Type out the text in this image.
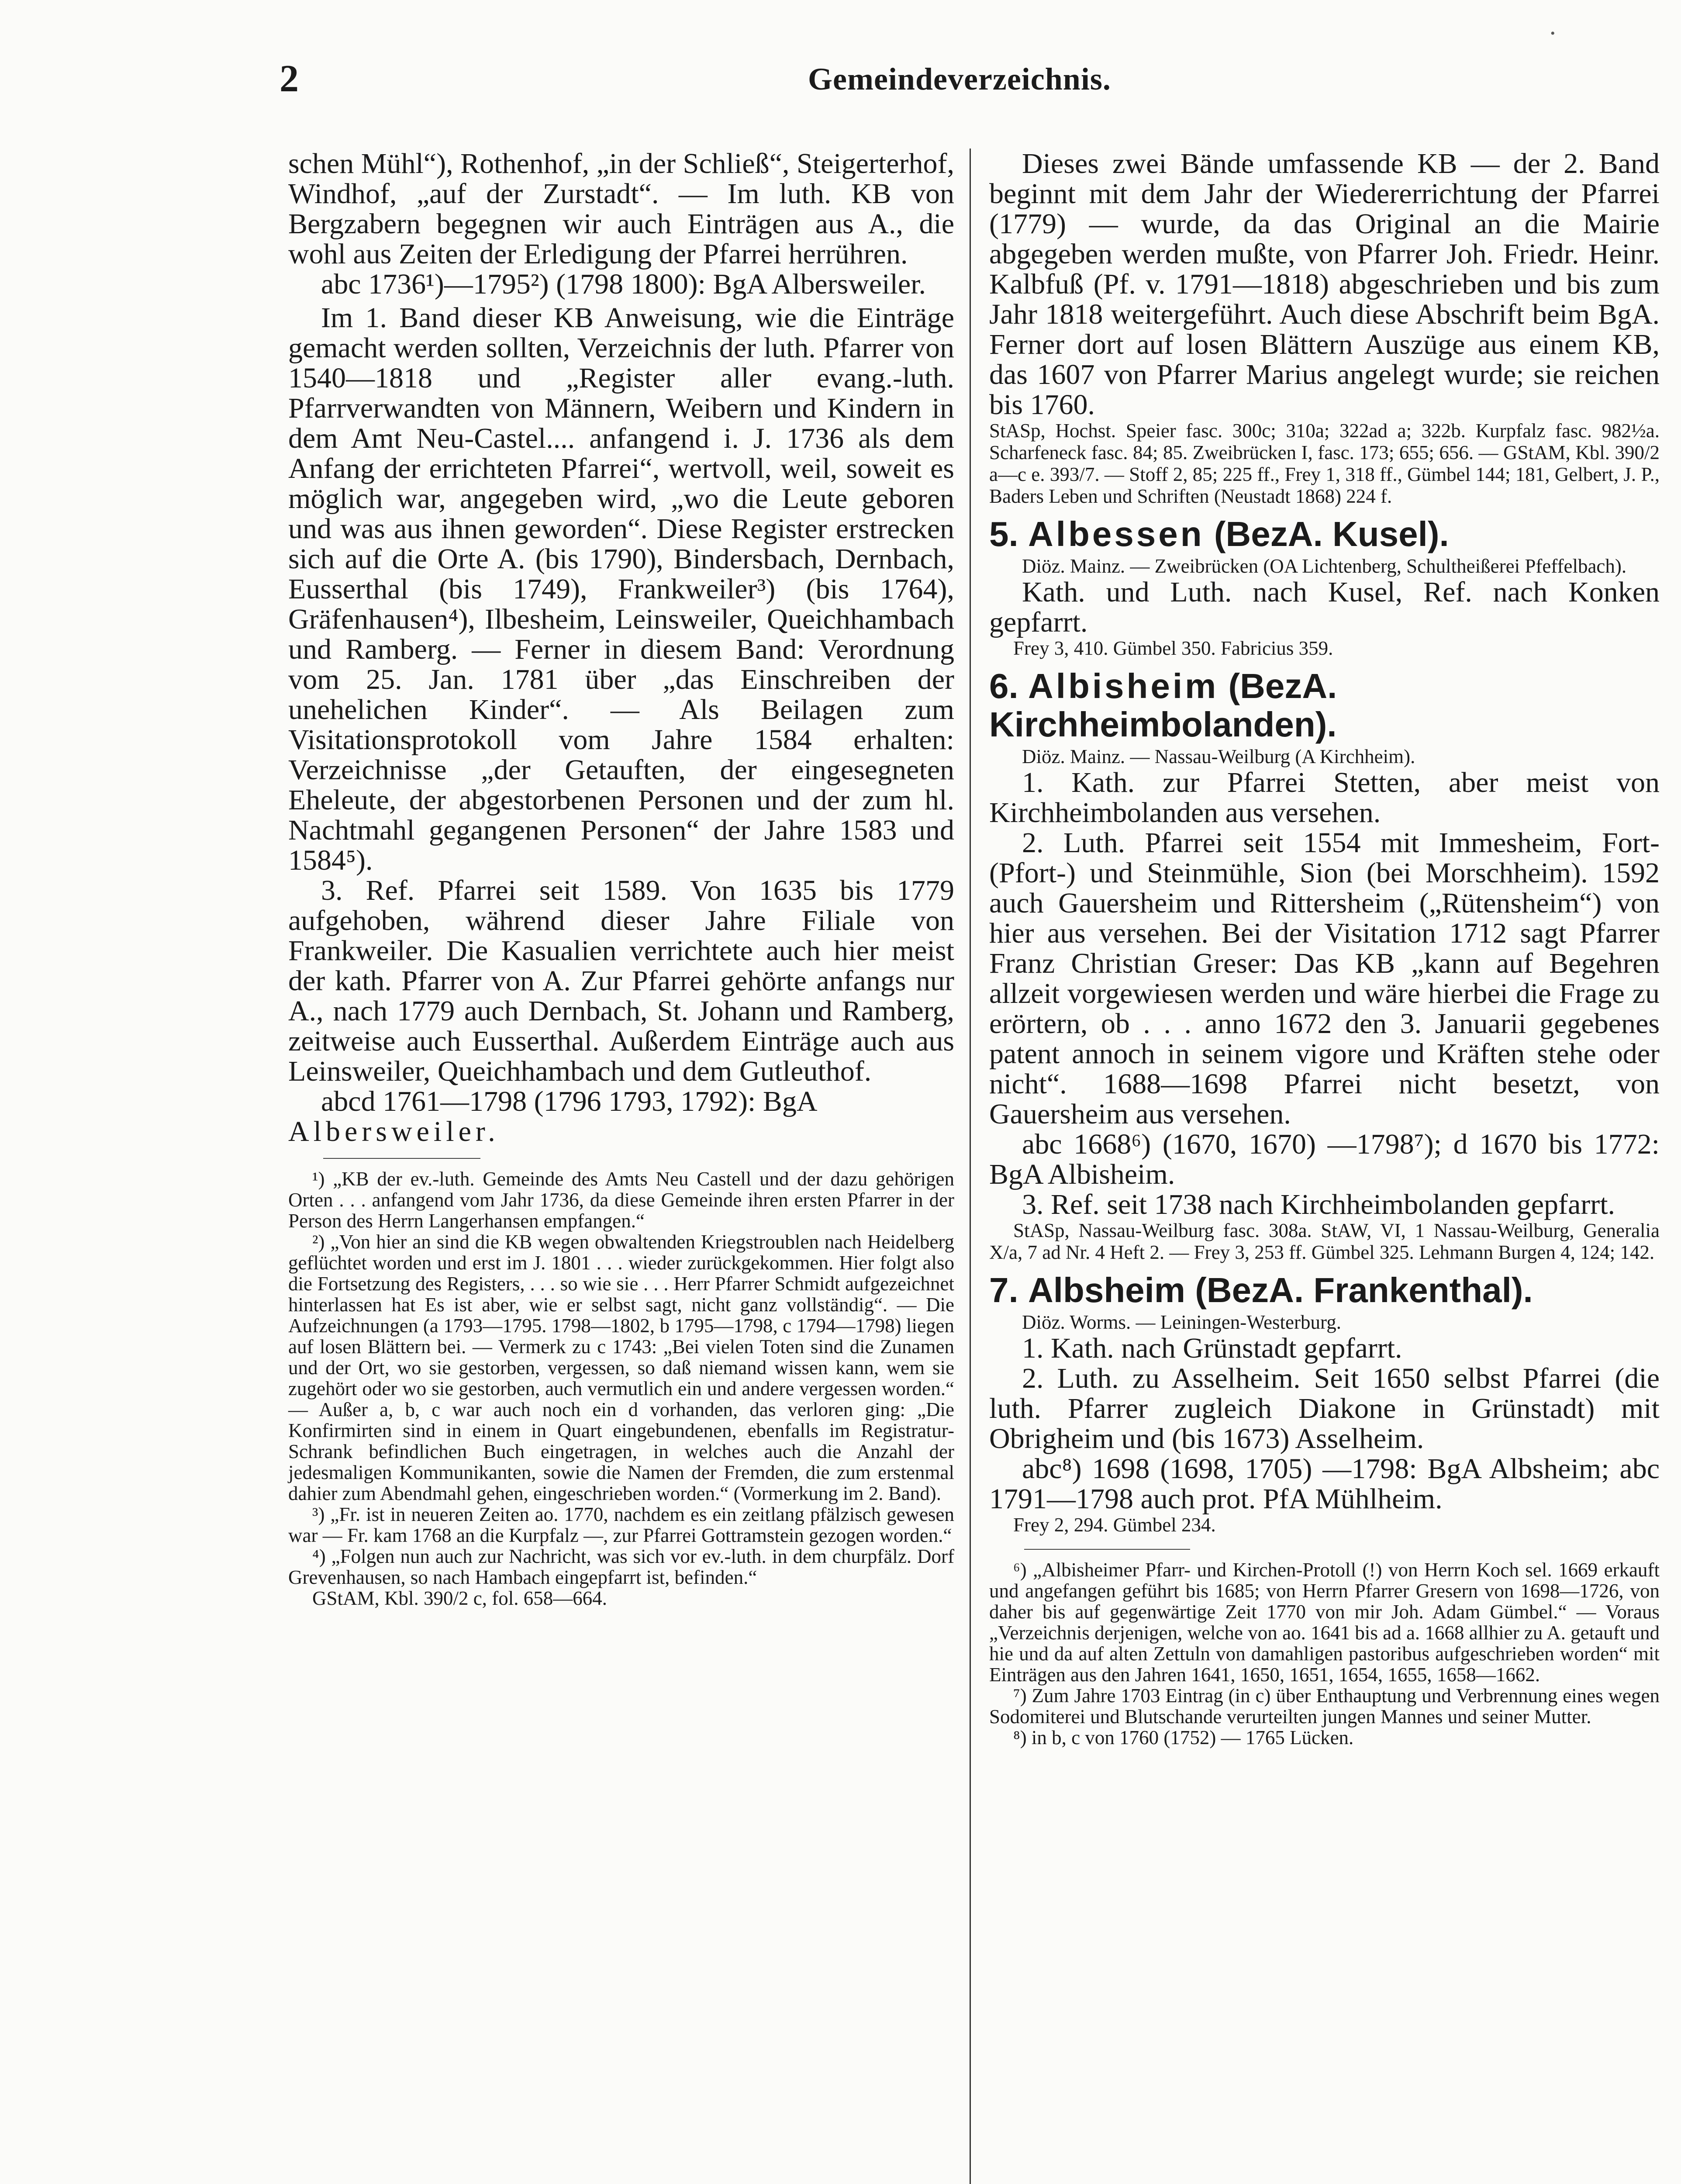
2	Gemeindeverzeichnis.
•

schen Mühl“), Rothenhof, „in der Schließ“, Steigerterhof, Windhof, „auf der Zurstadt“. — Im luth. KB von Bergzabern begegnen wir auch Einträgen aus A., die wohl aus Zeiten der Erledigung der Pfarrei herrühren.

abc 1736¹)—1795²) (1798 1800): BgA Albersweiler.

Im 1. Band dieser KB Anweisung, wie die Einträge gemacht werden sollten, Verzeichnis der luth. Pfarrer von 1540—1818 und „Register aller evang.-luth. Pfarrverwandten von Männern, Weibern und Kindern in dem Amt Neu-Castel.... anfangend i. J. 1736 als dem Anfang der errichteten Pfarrei“, wertvoll, weil, soweit es möglich war, angegeben wird, „wo die Leute geboren und was aus ihnen geworden“. Diese Register erstrecken sich auf die Orte A. (bis 1790), Bindersbach, Dernbach, Eusserthal (bis 1749), Frankweiler³) (bis 1764), Gräfenhausen⁴), Ilbesheim, Leinsweiler, Queichhambach und Ramberg. — Ferner in diesem Band: Verordnung vom 25. Jan. 1781 über „das Einschreiben der unehelichen Kinder“. — Als Beilagen zum Visitationsprotokoll vom Jahre 1584 erhalten: Verzeichnisse „der Getauften, der eingesegneten Eheleute, der abgestorbenen Personen und der zum hl. Nachtmahl gegangenen Personen“ der Jahre 1583 und 1584⁵).

3. Ref. Pfarrei seit 1589. Von 1635 bis 1779 aufgehoben, während dieser Jahre Filiale von Frankweiler. Die Kasualien verrichtete auch hier meist der kath. Pfarrer von A. Zur Pfarrei gehörte anfangs nur A., nach 1779 auch Dernbach, St. Johann und Ramberg, zeitweise auch Eusserthal. Außerdem Einträge auch aus Leinsweiler, Queichhambach und dem Gutleuthof.

abcd 1761—1798 (1796 1793, 1792): BgA

Albersweiler.

¹) „KB der ev.-luth. Gemeinde des Amts Neu Castell und der dazu gehörigen Orten . . . anfangend vom Jahr 1736, da diese Gemeinde ihren ersten Pfarrer in der Person des Herrn Langerhansen empfangen.“

²) „Von hier an sind die KB wegen obwaltenden Kriegstroublen nach Heidelberg geflüchtet worden und erst im J. 1801 . . . wieder zurückgekommen. Hier folgt also die Fortsetzung des Registers, . . . so wie sie . . . Herr Pfarrer Schmidt aufgezeichnet hinterlassen hat Es ist aber, wie er selbst sagt, nicht ganz vollständig“. — Die Aufzeichnungen (a 1793—1795. 1798—1802, b 1795—1798, c 1794—1798) liegen auf losen Blättern bei. — Vermerk zu c 1743: „Bei vielen Toten sind die Zunamen und der Ort, wo sie gestorben, vergessen, so daß niemand wissen kann, wem sie zugehört oder wo sie gestorben, auch vermutlich ein und andere vergessen worden.“ — Außer a, b, c war auch noch ein d vorhanden, das verloren ging: „Die Konfirmirten sind in einem in Quart eingebundenen, ebenfalls im Registratur-Schrank befindlichen Buch eingetragen, in welches auch die Anzahl der jedesmaligen Kommunikanten, sowie die Namen der Fremden, die zum erstenmal dahier zum Abendmahl gehen, eingeschrieben worden.“ (Vormerkung im 2. Band).

³) „Fr. ist in neueren Zeiten ao. 1770, nachdem es ein zeitlang pfälzisch gewesen war — Fr. kam 1768 an die Kurpfalz —, zur Pfarrei Gottramstein gezogen worden.“

⁴) „Folgen nun auch zur Nachricht, was sich vor ev.-luth. in dem churpfälz. Dorf Grevenhausen, so nach Hambach eingepfarrt ist, befinden.“

GStAM, Kbl. 390/2 c, fol. 658—664.

Dieses zwei Bände umfassende KB — der 2. Band beginnt mit dem Jahr der Wiedererrichtung der Pfarrei (1779) — wurde, da das Original an die Mairie abgegeben werden mußte, von Pfarrer Joh. Friedr. Heinr. Kalbfuß (Pf. v. 1791—1818) abgeschrieben und bis zum Jahr 1818 weitergeführt. Auch diese Abschrift beim BgA. Ferner dort auf losen Blättern Auszüge aus einem KB, das 1607 von Pfarrer Marius angelegt wurde; sie reichen bis 1760.

StASp, Hochst. Speier fasc. 300c; 310a; 322ad a; 322b. Kurpfalz fasc. 982½a. Scharfeneck fasc. 84; 85. Zweibrücken I, fasc. 173; 655; 656. — GStAM, Kbl. 390/2 a—c e. 393/7. — Stoff 2, 85; 225 ff., Frey 1, 318 ff., Gümbel 144; 181, Gelbert, J. P., Baders Leben und Schriften (Neustadt 1868) 224 f.

5. Albessen (BezA. Kusel).

Diöz. Mainz. — Zweibrücken (OA Lichtenberg, Schultheißerei Pfeffelbach).

Kath. und Luth. nach Kusel, Ref. nach Konken gepfarrt.

Frey 3, 410. Gümbel 350. Fabricius 359.

6. Albisheim (BezA. Kirchheimbolanden).

Diöz. Mainz. — Nassau-Weilburg (A Kirchheim).

1. Kath. zur Pfarrei Stetten, aber meist von Kirchheimbolanden aus versehen.

2. Luth. Pfarrei seit 1554 mit Immesheim, Fort- (Pfort-) und Steinmühle, Sion (bei Morschheim). 1592 auch Gauersheim und Rittersheim („Rütensheim“) von hier aus versehen. Bei der Visitation 1712 sagt Pfarrer Franz Christian Greser: Das KB „kann auf Begehren allzeit vorgewiesen werden und wäre hierbei die Frage zu erörtern, ob . . . anno 1672 den 3. Januarii gegebenes patent annoch in seinem vigore und Kräften stehe oder nicht“. 1688—1698 Pfarrei nicht besetzt, von Gauersheim aus versehen.

abc 1668⁶) (1670, 1670) —1798⁷); d 1670 bis 1772: BgA Albisheim.

3. Ref. seit 1738 nach Kirchheimbolanden gepfarrt.

StASp, Nassau-Weilburg fasc. 308a. StAW, VI, 1 Nassau-Weilburg, Generalia X/a, 7 ad Nr. 4 Heft 2. — Frey 3, 253 ff. Gümbel 325. Lehmann Burgen 4, 124; 142.

7. Albsheim (BezA. Frankenthal).

Diöz. Worms. — Leiningen-Westerburg.

1. Kath. nach Grünstadt gepfarrt.

2. Luth. zu Asselheim. Seit 1650 selbst Pfarrei (die luth. Pfarrer zugleich Diakone in Grünstadt) mit Obrigheim und (bis 1673) Asselheim.

abc⁸) 1698 (1698, 1705) —1798: BgA Albsheim; abc 1791—1798 auch prot. PfA Mühlheim.

Frey 2, 294. Gümbel 234.

⁶) „Albisheimer Pfarr- und Kirchen-Protoll (!) von Herrn Koch sel. 1669 erkauft und angefangen geführt bis 1685; von Herrn Pfarrer Gresern von 1698—1726, von daher bis auf gegenwärtige Zeit 1770 von mir Joh. Adam Gümbel.“ — Voraus „Verzeichnis derjenigen, welche von ao. 1641 bis ad a. 1668 allhier zu A. getauft und hie und da auf alten Zettuln von damahligen pastoribus aufgeschrieben worden“ mit Einträgen aus den Jahren 1641, 1650, 1651, 1654, 1655, 1658—1662.

⁷) Zum Jahre 1703 Eintrag (in c) über Enthauptung und Verbrennung eines wegen Sodomiterei und Blutschande verurteilten jungen Mannes und seiner Mutter.

⁸) in b, c von 1760 (1752) — 1765 Lücken.
